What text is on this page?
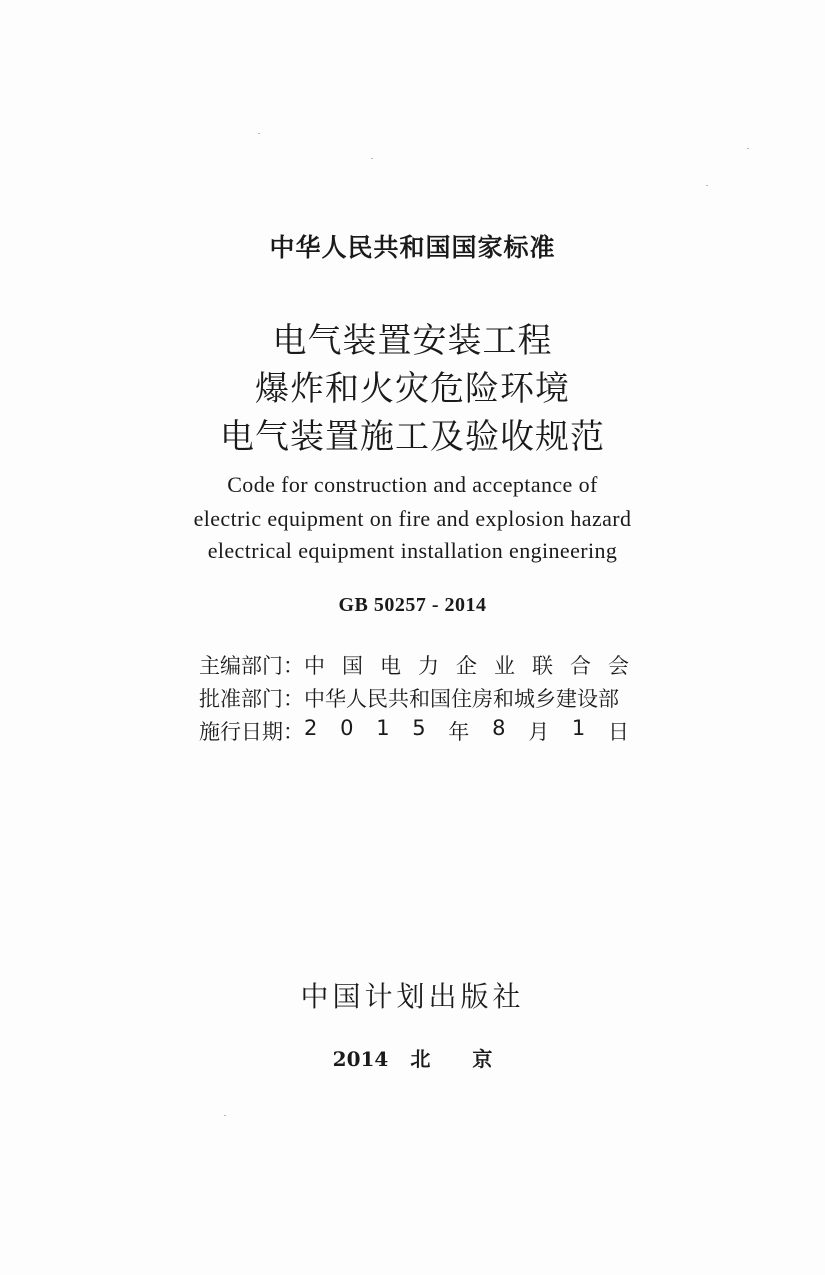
中华人民共和国国家标准
电气装置安装工程
爆炸和火灾危险环境
电气装置施工及验收规范
Code for construction and acceptance of
electric equipment on fire and explosion hazard
electrical equipment installation engineering
GB 50257 - 2014
主编部门： 中 国 电 力 企 业 联 合 会
批准部门： 中华人民共和国住房和城乡建设部
施行日期： 2 0 1 5 年 8 月 1 日
中国计划出版社
2014 北 京
